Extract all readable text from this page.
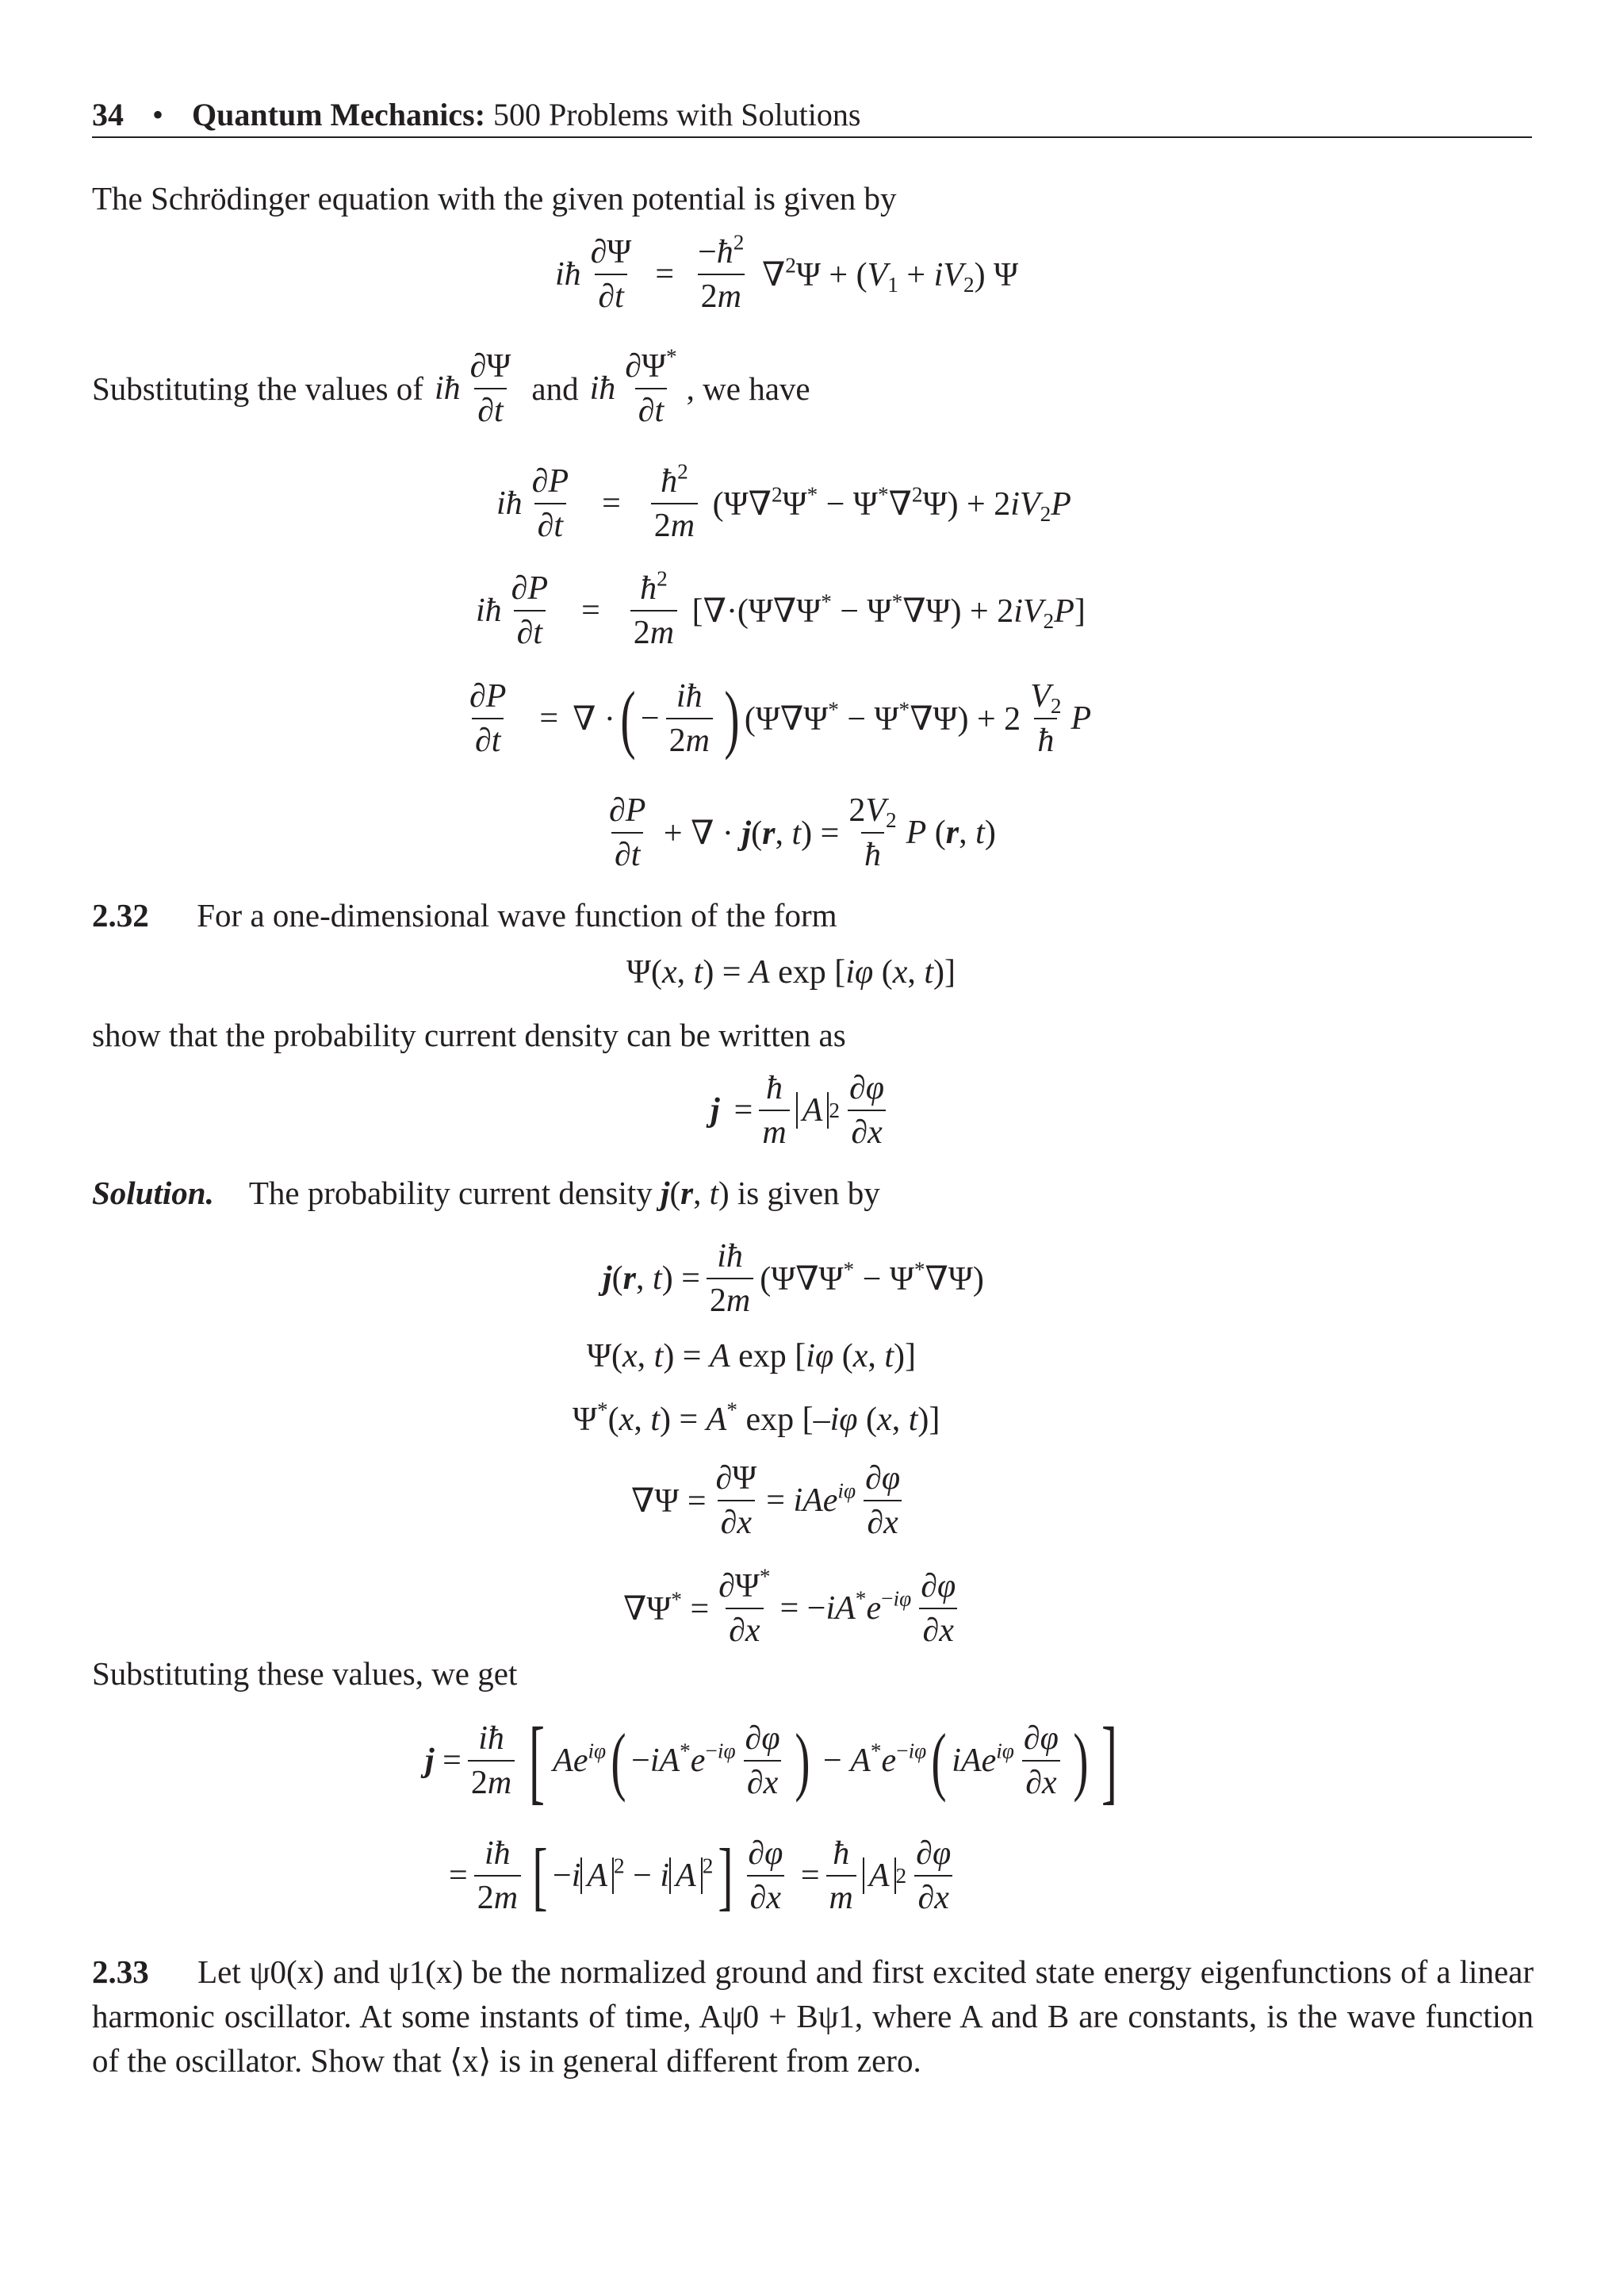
34 • Quantum Mechanics: 500 Problems with Solutions
The Schrödinger equation with the given potential is given by
iħ $\frac{\partial\Psi}{\partial t} = \frac{-ħ^2}{2m} \nabla^2\Psi + (V_1 + iV_2)$ Ψ
Substituting the values of iħ $\frac{\partial\Psi}{\partial t}$ and iħ $\frac{\partial\Psi^*}{\partial t}$ , we have
iħ $\frac{\partial P}{\partial t} = \frac{ħ^2}{2m} (\Psi\nabla^2\Psi^* - \Psi^*\nabla^2\Psi) + 2iV_2P$
iħ $\frac{\partial P}{\partial t} = \frac{ħ^2}{2m} [\nabla\cdot(\Psi\nabla\Psi^* - \Psi^*\nabla\Psi) + 2iV_2P]$
$\frac{\partial P}{\partial t}$ = ∇ · ( − $\frac{iħ}{2m}$ ) $(\Psi\nabla\Psi^* - \Psi^*\nabla\Psi) + 2 \frac{V_2}{ħ}$ P
$\frac{\partial P}{\partial t}$ + ∇ · j(r, $t) = \frac{2V_2}{ħ}$ P (r, t)
2.32 For a one-dimensional wave function of the form
Ψ(x, t) = A exp [iφ (x, t)]
show that the probability current density can be written as
$j = \frac{ħ}{m}$ A $2 \frac{\partial\varphi}{\partial x}$
Solution. The probability current density j(r, t) is given by
j(r, $t) = \frac{iħ}{2m} (\Psi\nabla\Psi^* - \Psi^*\nabla\Psi)$
Ψ(x, t) = A exp [iφ (x, t)]
Ψ*(x, t) = A* exp [–iφ (x, t)]
$\nabla\Psi = \frac{\partial\Psi}{\partial x} = iAe^{i\varphi} \frac{\partial\varphi}{\partial x}$
$\nabla\Psi^* = \frac{\partial\Psi^*}{\partial x} = -iA^*e^{-i\varphi} \frac{\partial\varphi}{\partial x}$
Substituting these values, we get
$j = \frac{iħ}{2m}$ [ $Ae^{i\varphi}$ ( $-iA^*e^{-i\varphi} \frac{\partial\varphi}{\partial x}$ ) − $A^*e^{-i\varphi}$ ( $iAe^{i\varphi} \frac{\partial\varphi}{\partial x}$ ) ]
= $\frac{iħ}{2m}$ [ −i A $^2$ − i A $^2$ ] $\frac{\partial\varphi}{\partial x} = \frac{ħ}{m}$ A $2 \frac{\partial\varphi}{\partial x}$
2.33 Let ψ0(x) and ψ1(x) be the normalized ground and first excited state energy eigenfunctions of a linear harmonic oscillator. At some instants of time, Aψ0 + Bψ1, where A and B are constants, is the wave function of the oscillator. Show that ⟨x⟩ is in general different from zero.
